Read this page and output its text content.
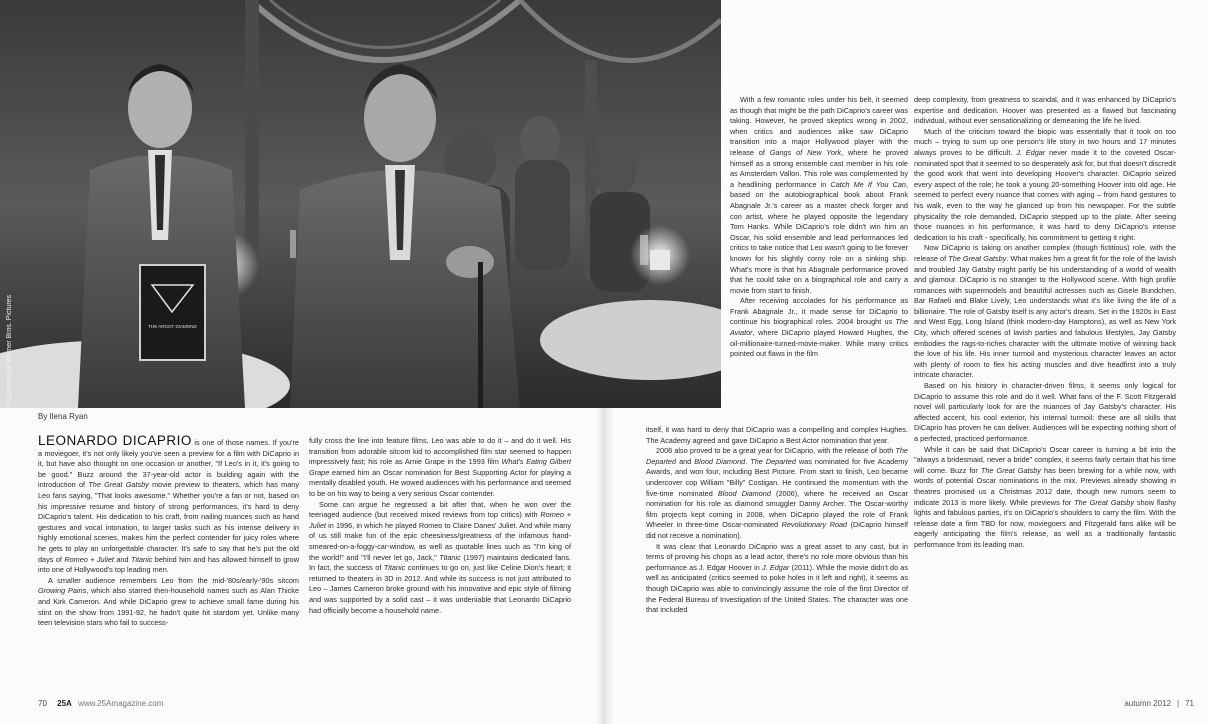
THE ARGOT DIAMOND
© Courtesy of Warner Bros. Pictures
By Ilena Ryan

LEONARDO DICAPRIO is one of those names. If you're a moviegoer, it's not only likely you've seen a preview for a film with DiCaprio in it, but have also thought on one occasion or another, "If Leo's in it, it's going to be good." Buzz around the 37-year-old actor is building again with the introduction of The Great Gatsby movie preview to theaters, which has many Leo fans saying, "That looks awesome." Whether you're a fan or not, based on his impressive resume and history of strong performances, it's hard to deny DiCaprio's talent. His dedication to his craft, from nailing nuances such as hand gestures and vocal intonation, to larger tasks such as his intense delivery in highly emotional scenes, makes him the perfect contender for juicy roles where he gets to play an unforgettable character. It's safe to say that he's put the old days of Romeo + Juliet and Titanic behind him and has allowed himself to grow into one of Hollywood's top leading men.

A smaller audience remembers Leo from the mid-'80s/early-'90s sitcom Growing Pains, which also starred then-household names such as Alan Thicke and Kirk Cameron. And while DiCaprio grew to achieve small fame during his stint on the show from 1991-92, he hadn't quite hit stardom yet. Unlike many teen television stars who fail to success-

fully cross the line into feature films, Leo was able to do it – and do it well. His transition from adorable sitcom kid to accomplished film star seemed to happen impressively fast; his role as Arnie Grape in the 1993 film What's Eating Gilbert Grape earned him an Oscar nomination for Best Supporting Actor for playing a mentally disabled youth. He wowed audiences with his performance and seemed to be on his way to being a very serious Oscar contender.

Some can argue he regressed a bit after that, when he won over the teenaged audience (but received mixed reviews from top critics) with Romeo + Juliet in 1996, in which he played Romeo to Claire Danes' Juliet. And while many of us still make fun of the epic cheesiness/greatness of the infamous hand-smeared-on-a-foggy-car-window, as well as quotable lines such as "I'm king of the world!" and "I'll never let go, Jack," Titanic (1997) maintains dedicated fans. In fact, the success of Titanic continues to go on, just like Celine Dion's heart; it returned to theaters in 3D in 2012. And while its success is not just attributed to Leo – James Cameron broke ground with his innovative and epic style of filming and was supported by a solid cast – it was undeniable that Leonardo DiCaprio had officially become a household name.

With a few romantic roles under his belt, it seemed as though that might be the path DiCaprio's career was taking. However, he proved skeptics wrong in 2002, when critics and audiences alike saw DiCaprio transition into a major Hollywood player with the release of Gangs of New York, where he proved himself as a strong ensemble cast member in his role as Amsterdam Vallon. This role was complemented by a headlining performance in Catch Me If You Can, based on the autobiographical book about Frank Abagnale Jr.'s career as a master check forger and con artist, where he played opposite the legendary Tom Hanks. While DiCaprio's role didn't win him an Oscar, his solid ensemble and lead performances led critics to take notice that Leo wasn't going to be forever known for his slightly corny role on a sinking ship. What's more is that his Abagnale performance proved that he could take on a biographical role and carry a movie from start to finish.

After receiving accolades for his performance as Frank Abagnale Jr., it made sense for DiCaprio to continue his biographical roles. 2004 brought us The Aviator, where DiCaprio played Howard Hughes, the oil-millionaire-turned-movie-maker. While many critics pointed out flaws in the film

itself, it was hard to deny that DiCaprio was a compelling and complex Hughes. The Academy agreed and gave DiCaprio a Best Actor nomination that year.

2006 also proved to be a great year for DiCaprio, with the release of both The Departed and Blood Diamond. The Departed was nominated for five Academy Awards, and won four, including Best Picture. From start to finish, Leo became undercover cop William "Billy" Costigan. He continued the momentum with the five-time nominated Blood Diamond (2006), where he received an Oscar nomination for his role as diamond smuggler Danny Archer. The Oscar-worthy film projects kept coming in 2008, when DiCaprio played the role of Frank Wheeler in three-time Oscar-nominated Revolutionary Road (DiCaprio himself did not receive a nomination).

It was clear that Leonardo DiCaprio was a great asset to any cast, but in terms of proving his chops as a lead actor, there's no role more obvious than his performance as J. Edgar Hoover in J. Edgar (2011). While the movie didn't do as well as anticipated (critics seemed to poke holes in it left and right), it seems as though DiCaprio was able to convincingly assume the role of the first Director of the Federal Bureau of Investigation of the United States. The character was one that included

deep complexity, from greatness to scandal, and it was enhanced by DiCaprio's expertise and dedication. Hoover was presented as a flawed but fascinating individual, without ever sensationalizing or demeaning the life he lived.

Much of the criticism toward the biopic was essentially that it took on too much – trying to sum up one person's life story in two hours and 17 minutes always proves to be difficult. J. Edgar never made it to the coveted Oscar-nominated spot that it seemed to so desperately ask for, but that doesn't discredit the good work that went into developing Hoover's character. DiCaprio seized every aspect of the role; he took a young 20-something Hoover into old age. He seemed to perfect every nuance that comes with aging – from hand gestures to his walk, even to the way he glanced up from his newspaper. For the subtle physicality the role demanded, DiCaprio stepped up to the plate. After seeing those nuances in his performance, it was hard to deny DiCaprio's intense dedication to his craft - specifically, his commitment to getting it right.

Now DiCaprio is taking on another complex (though fictitious) role, with the release of The Great Gatsby. What makes him a great fit for the role of the lavish and troubled Jay Gatsby might partly be his understanding of a world of wealth and glamour. DiCaprio is no stranger to the Hollywood scene. With high profile romances with supermodels and beautiful actresses such as Gisele Bundchen, Bar Rafaeli and Blake Lively, Leo understands what it's like living the life of a billionaire. The role of Gatsby itself is any actor's dream. Set in the 1920s in East and West Egg, Long Island (think modern-day Hamptons), as well as New York City, which offered scenes of lavish parties and fabulous lifestyles, Jay Gatsby embodies the rags-to-riches character with the ultimate motive of winning back the love of his life. His inner turmoil and mysterious character leaves an actor with plenty of room to flex his acting muscles and dive headfirst into a truly intricate character.

Based on his history in character-driven films, it seems only logical for DiCaprio to assume this role and do it well. What fans of the F. Scott Fitzgerald novel will particularly look for are the nuances of Jay Gatsby's character. His affected accent, his cool exterior, his internal turmoil: these are all skills that DiCaprio has proven he can deliver. Audiences will be expecting nothing short of a perfected, practiced performance.

While it can be said that DiCaprio's Oscar career is turning a bit into the "always a bridesmaid, never a bride" complex, it seems fairly certain that his time will come. Buzz for The Great Gatsby has been brewing for a while now, with words of potential Oscar nominations in the mix. Previews already showing in theatres promised us a Christmas 2012 date, though new rumors seem to indicate 2013 is more likely. While previews for The Great Gatsby show flashy lights and fabulous parties, it's on DiCaprio's shoulders to carry the film. With the release date a firm TBD for now, moviegoers and Fitzgerald fans alike will be eagerly anticipating the film's release, as well as a traditionally fantastic performance from its leading man.

70 25A www.25Amagazine.com	autumn 2012 | 71
